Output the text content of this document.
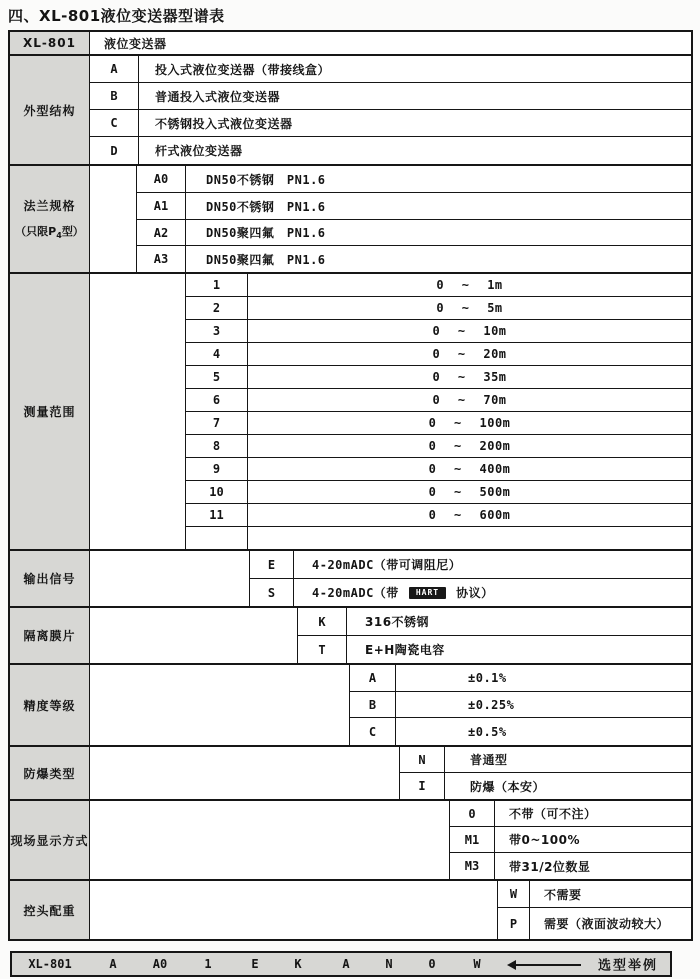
四、XL-801液位变送器型谱表
XL-801	液位变送器
外型结构
A	投入式液位变送器（带接线盒）
B	普通投入式液位变送器
C	不锈钢投入式液位变送器
D	杆式液位变送器
法兰规格
（只限$P_4$型）
A0	DN50不锈钢　PN1.6
A1	DN50不锈钢　PN1.6
A2	DN50聚四氟　PN1.6
A3	DN50聚四氟　PN1.6
测量范围
1	0 ~ 1m
2	0 ~ 5m
3	0 ~ 10m
4	0 ~ 20m
5	0 ~ 35m
6	0 ~ 70m
7	0 ~ 100m
8	0 ~ 200m
9	0 ~ 400m
10	0 ~ 500m
11	0 ~ 600m
输出信号
E	4-20mADC（带可调阻尼）
S	4-20mADC（带	HART	协议）
隔离膜片
K	316不锈钢
T	E+H陶瓷电容
精度等级
A	±0.1%
B	±0.25%
C	±0.5%
防爆类型
N	普通型
I	防爆（本安）
现场显示方式
0	不带（可不注）
M1	带0~100%
M3	带31/2位数显
控头配重
W	不需要
P	需要（液面波动较大）
XL-801	A	A0	1	E	K	A	N	0	W	选型举例
